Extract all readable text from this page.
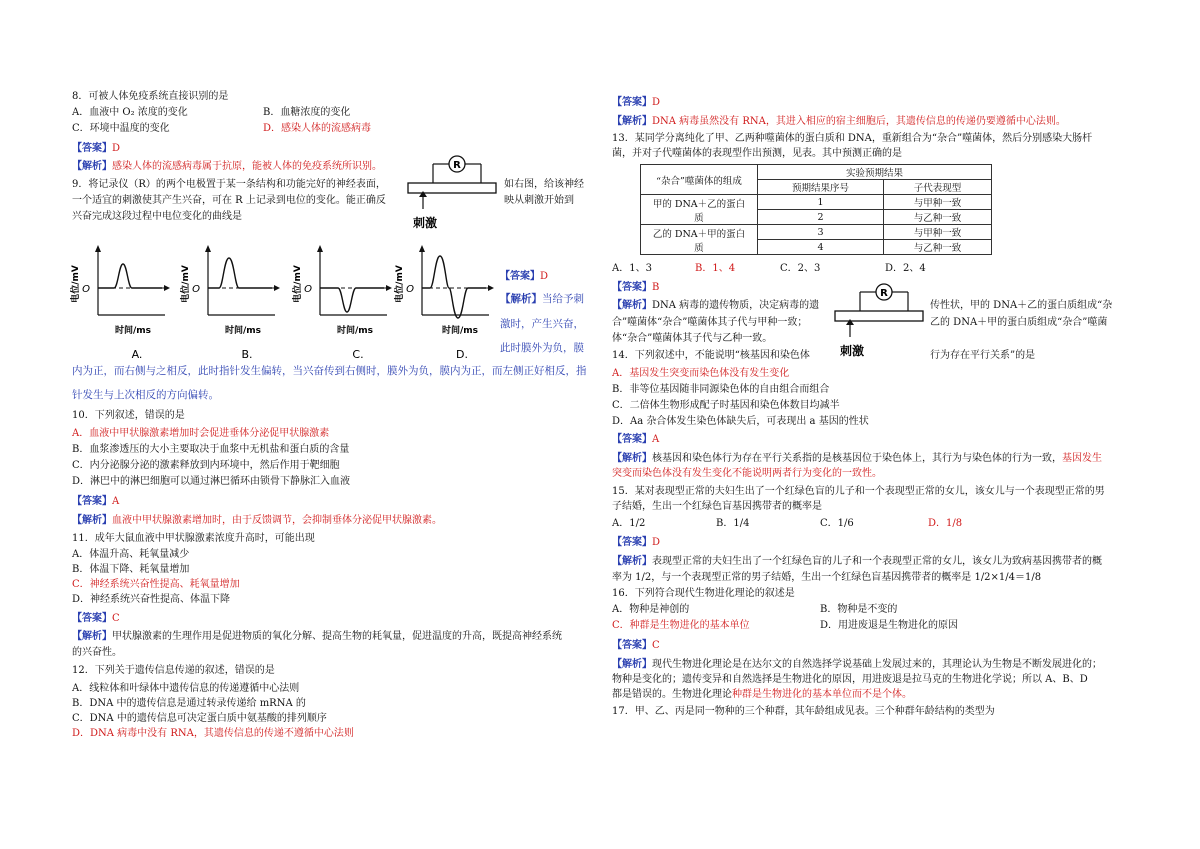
8．可被人体免疫系统直接识别的是
A．血液中 O₂ 浓度的变化	B．血糖浓度的变化
C．环境中温度的变化	D．感染人体的流感病毒
【答案】D
【解析】感染人体的流感病毒属于抗原，能被人体的免疫系统所识别。
9．将记录仪（R）的两个电极置于某一条结构和功能完好的神经表面，	如右图，给该神经
一个适宜的刺激使其产生兴奋，可在 R 上记录到电位的变化。能正确反	映从刺激开始到
兴奋完成这段过程中电位变化的曲线是
R
刺激
O
电位/mV
时间/ms
A.
O
电位/mV
时间/ms
B.
O
电位/mV
时间/ms
C.
O
电位/mV
时间/ms
D.
【答案】D
【解析】当给予刺
激时，产生兴奋，
此时膜外为负，膜
内为正，而右侧与之相反，此时指针发生偏转，当兴奋传到右侧时，膜外为负，膜内为正，而左侧正好相反，指
针发生与上次相反的方向偏转。
10．下列叙述，错误的是
A．血液中甲状腺激素增加时会促进垂体分泌促甲状腺激素
B．血浆渗透压的大小主要取决于血浆中无机盐和蛋白质的含量
C．内分泌腺分泌的激素释放到内环境中，然后作用于靶细胞
D．淋巴中的淋巴细胞可以通过淋巴循环由锁骨下静脉汇入血液
【答案】A
【解析】血液中甲状腺激素增加时，由于反馈调节，会抑制垂体分泌促甲状腺激素。
11．成年大鼠血液中甲状腺激素浓度升高时，可能出现
A．体温升高、耗氧量减少
B．体温下降、耗氧量增加
C．神经系统兴奋性提高、耗氧量增加
D．神经系统兴奋性提高、体温下降
【答案】C
【解析】甲状腺激素的生理作用是促进物质的氧化分解、提高生物的耗氧量，促进温度的升高，既提高神经系统
的兴奋性。
12．下列关于遗传信息传递的叙述，错误的是
A．线粒体和叶绿体中遗传信息的传递遵循中心法则
B．DNA 中的遗传信息是通过转录传递给 mRNA 的
C．DNA 中的遗传信息可决定蛋白质中氨基酸的排列顺序
D．DNA 病毒中没有 RNA，其遗传信息的传递不遵循中心法则
【答案】D
【解析】DNA 病毒虽然没有 RNA，其进入相应的宿主细胞后，其遗传信息的传递仍要遵循中心法则。
13．某同学分离纯化了甲、乙两种噬菌体的蛋白质和 DNA，重新组合为“杂合”噬菌体，然后分别感染大肠杆
菌，并对子代噬菌体的表现型作出预测，见表。其中预测正确的是
“杂合”噬菌体的组成	实验预期结果	
	预期结果序号	子代表现型
甲的 DNA＋乙的蛋白
质	1	与甲种一致
	2	与乙种一致
乙的 DNA＋甲的蛋白
质	3	与甲种一致
	4	与乙种一致
A．1、3	B．1、4	C．2、3	D．2、4
【答案】B
【解析】DNA 病毒的遗传物质，决定病毒的遗	传性状，甲的 DNA＋乙的蛋白质组成“杂
合”噬菌体“杂合”噬菌体其子代与甲种一致；	乙的 DNA＋甲的蛋白质组成“杂合”噬菌
体“杂合”噬菌体其子代与乙种一致。
R
刺激
14．下列叙述中，不能说明“核基因和染色体	行为存在平行关系”的是
A．基因发生突变而染色体没有发生变化
B．非等位基因随非同源染色体的自由组合而组合
C．二倍体生物形成配子时基因和染色体数目均减半
D．Aa 杂合体发生染色体缺失后，可表现出 a 基因的性状
【答案】A
【解析】核基因和染色体行为存在平行关系指的是核基因位于染色体上，其行为与染色体的行为一致，基因发生
突变而染色体没有发生变化不能说明两者行为变化的一致性。
15．某对表现型正常的夫妇生出了一个红绿色盲的儿子和一个表现型正常的女儿，该女儿与一个表现型正常的男
子结婚，生出一个红绿色盲基因携带者的概率是
A．1/2	B．1/4	C．1/6	D．1/8
【答案】D
【解析】表现型正常的夫妇生出了一个红绿色盲的儿子和一个表现型正常的女儿，该女儿为致病基因携带者的概
率为 1/2，与一个表现型正常的男子结婚，生出一个红绿色盲基因携带者的概率是 1/2×1/4＝1/8
16．下列符合现代生物进化理论的叙述是
A．物种是神创的	B．物种是不变的
C．种群是生物进化的基本单位	D．用进废退是生物进化的原因
【答案】C
【解析】现代生物进化理论是在达尔文的自然选择学说基础上发展过来的，其理论认为生物是不断发展进化的；
物种是变化的；遗传变异和自然选择是生物进化的原因，用进废退是拉马克的生物进化学说；所以 A、B、D
都是错误的。生物进化理论种群是生物进化的基本单位而不是个体。
17．甲、乙、丙是同一物种的三个种群，其年龄组成见表。三个种群年龄结构的类型为
